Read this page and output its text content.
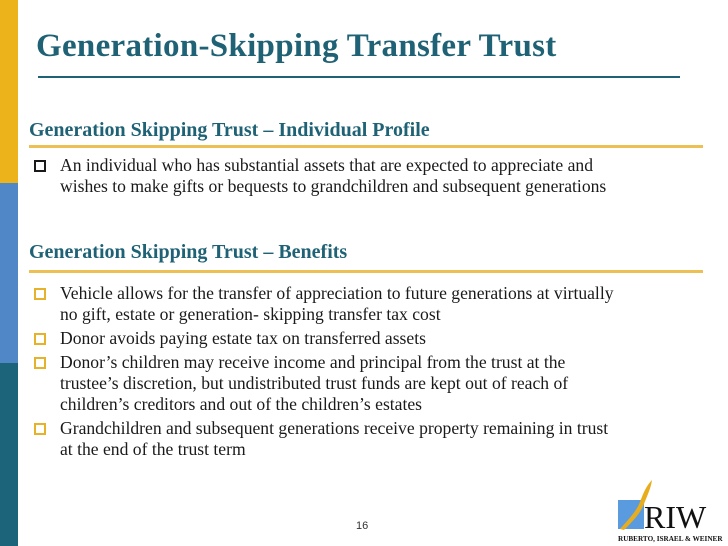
Generation-Skipping Transfer Trust
Generation Skipping Trust – Individual Profile
An individual who has substantial assets that are expected to appreciate and
wishes to make gifts or bequests to grandchildren and subsequent generations
Generation Skipping Trust – Benefits
Vehicle allows for the transfer of appreciation to future generations at virtually
no gift, estate or generation- skipping transfer tax cost
Donor avoids paying estate tax on transferred assets
Donor’s children may receive income and principal from the trust at the
trustee’s discretion, but undistributed trust funds are kept out of reach of
children’s creditors and out of the children’s estates
Grandchildren and subsequent generations receive property remaining in trust
at the end of the trust term
16	RIW
RUBERTO, ISRAEL & WEINER
